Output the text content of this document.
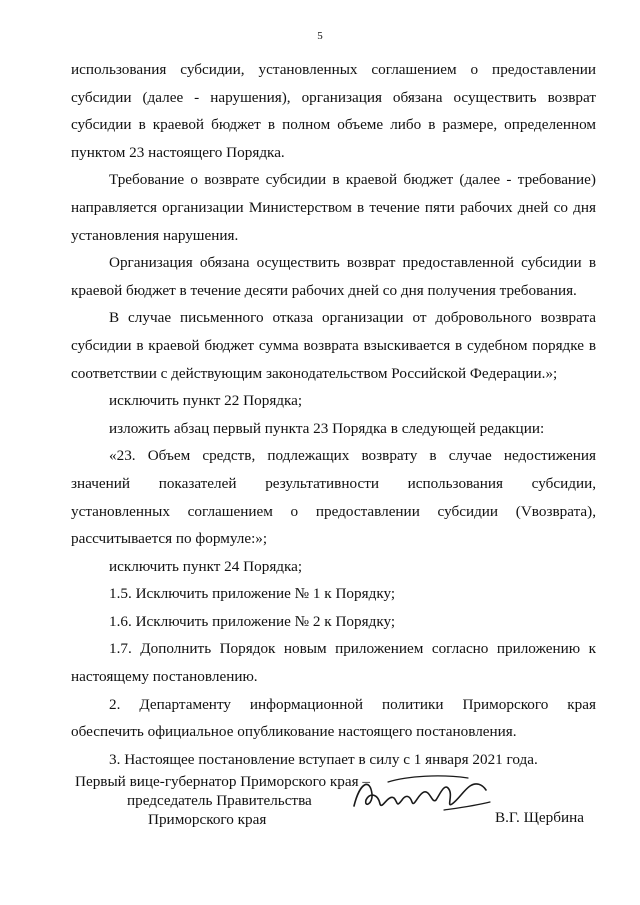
5

использования субсидии, установленных соглашением о предоставлении субсидии (далее - нарушения), организация обязана осуществить возврат субсидии в краевой бюджет в полном объеме либо в размере, определенном пунктом 23 настоящего Порядка.

Требование о возврате субсидии в краевой бюджет (далее - требование) направляется организации Министерством в течение пяти рабочих дней со дня установления нарушения.

Организация обязана осуществить возврат предоставленной субсидии в краевой бюджет в течение десяти рабочих дней со дня получения требования.

В случае письменного отказа организации от добровольного возврата субсидии в краевой бюджет сумма возврата взыскивается в судебном порядке в соответствии с действующим законодательством Российской Федерации.»;

исключить пункт 22 Порядка;

изложить абзац первый пункта 23 Порядка в следующей редакции:

«23. Объем средств, подлежащих возврату в случае недостижения значений показателей результативности использования субсидии, установленных соглашением о предоставлении субсидии (Vвозврата), рассчитывается по формуле:»;

исключить пункт 24 Порядка;

1.5. Исключить приложение № 1 к Порядку;

1.6. Исключить приложение № 2 к Порядку;

1.7. Дополнить Порядок новым приложением согласно приложению к настоящему постановлению.

2. Департаменту информационной политики Приморского края обеспечить официальное опубликование настоящего постановления.

3. Настоящее постановление вступает в силу с 1 января 2021 года.

Первый вице-губернатор Приморского края –
председатель Правительства
Приморского края	В.Г. Щербина
